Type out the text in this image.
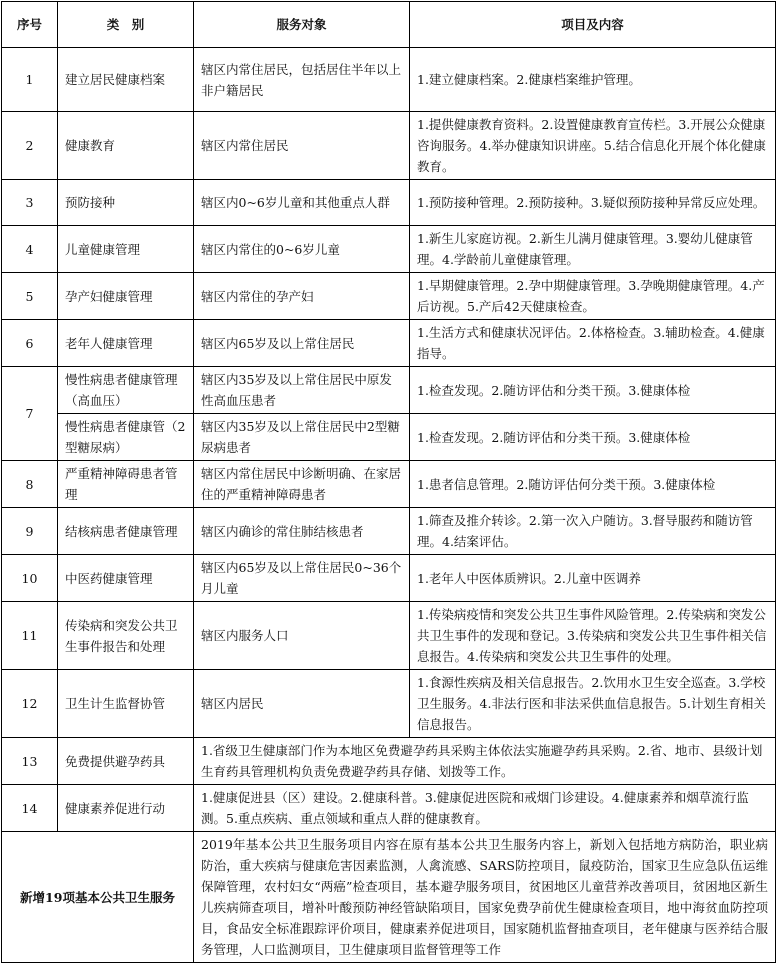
序号	类　别	服务对象	项目及内容
1	建立居民健康档案	辖区内常住居民，包括居住半年以上非户籍居民	1.建立健康档案。2.健康档案维护管理。
2	健康教育	辖区内常住居民	1.提供健康教育资料。2.设置健康教育宣传栏。3.开展公众健康咨询服务。4.举办健康知识讲座。5.结合信息化开展个体化健康教育。
3	预防接种	辖区内0~6岁儿童和其他重点人群	1.预防接种管理。2.预防接种。3.疑似预防接种异常反应处理。
4	儿童健康管理	辖区内常住的0~6岁儿童	1.新生儿家庭访视。2.新生儿满月健康管理。3.婴幼儿健康管理。4.学龄前儿童健康管理。
5	孕产妇健康管理	辖区内常住的孕产妇	1.早期健康管理。2.孕中期健康管理。3.孕晚期健康管理。4.产后访视。5.产后42天健康检查。
6	老年人健康管理	辖区内65岁及以上常住居民	1.生活方式和健康状况评估。2.体格检查。3.辅助检查。4.健康指导。
7	慢性病患者健康管理（高血压）	辖区内35岁及以上常住居民中原发性高血压患者	1.检查发现。2.随访评估和分类干预。3.健康体检
	慢性病患者健康管（2型糖尿病）	辖区内35岁及以上常住居民中2型糖尿病患者	1.检查发现。2.随访评估和分类干预。3.健康体检
8	严重精神障碍患者管理	辖区内常住居民中诊断明确、在家居住的严重精神障碍患者	1.患者信息管理。2.随访评估何分类干预。3.健康体检
9	结核病患者健康管理	辖区内确诊的常住肺结核患者	1.筛查及推介转诊。2.第一次入户随访。3.督导服药和随访管理。4.结案评估。
10	中医药健康管理	辖区内65岁及以上常住居民0~36个月儿童	1.老年人中医体质辨识。2.儿童中医调养
11	传染病和突发公共卫生事件报告和处理	辖区内服务人口	1.传染病疫情和突发公共卫生事件风险管理。2.传染病和突发公共卫生事件的发现和登记。3.传染病和突发公共卫生事件相关信息报告。4.传染病和突发公共卫生事件的处理。
12	卫生计生监督协管	辖区内居民	1.食源性疾病及相关信息报告。2.饮用水卫生安全巡查。3.学校卫生服务。4.非法行医和非法采供血信息报告。5.计划生育相关信息报告。
13	免费提供避孕药具	1.省级卫生健康部门作为本地区免费避孕药具采购主体依法实施避孕药具采购。2.省、地市、县级计划生育药具管理机构负责免费避孕药具存储、划拨等工作。	
14	健康素养促进行动	1.健康促进县（区）建设。2.健康科普。3.健康促进医院和戒烟门诊建设。4.健康素养和烟草流行监测。5.重点疾病、重点领域和重点人群的健康教育。	
新增19项基本公共卫生服务		2019年基本公共卫生服务项目内容在原有基本公共卫生服务内容上，新划入包括地方病防治，职业病防治，重大疾病与健康危害因素监测，人禽流感、SARS防控项目，鼠疫防治，国家卫生应急队伍运维保障管理，农村妇女“两癌”检查项目，基本避孕服务项目，贫困地区儿童营养改善项目，贫困地区新生儿疾病筛查项目，增补叶酸预防神经管缺陷项目，国家免费孕前优生健康检查项目，地中海贫血防控项目，食品安全标准跟踪评价项目，健康素养促进项目，国家随机监督抽查项目，老年健康与医养结合服务管理，人口监测项目，卫生健康项目监督管理等工作	
